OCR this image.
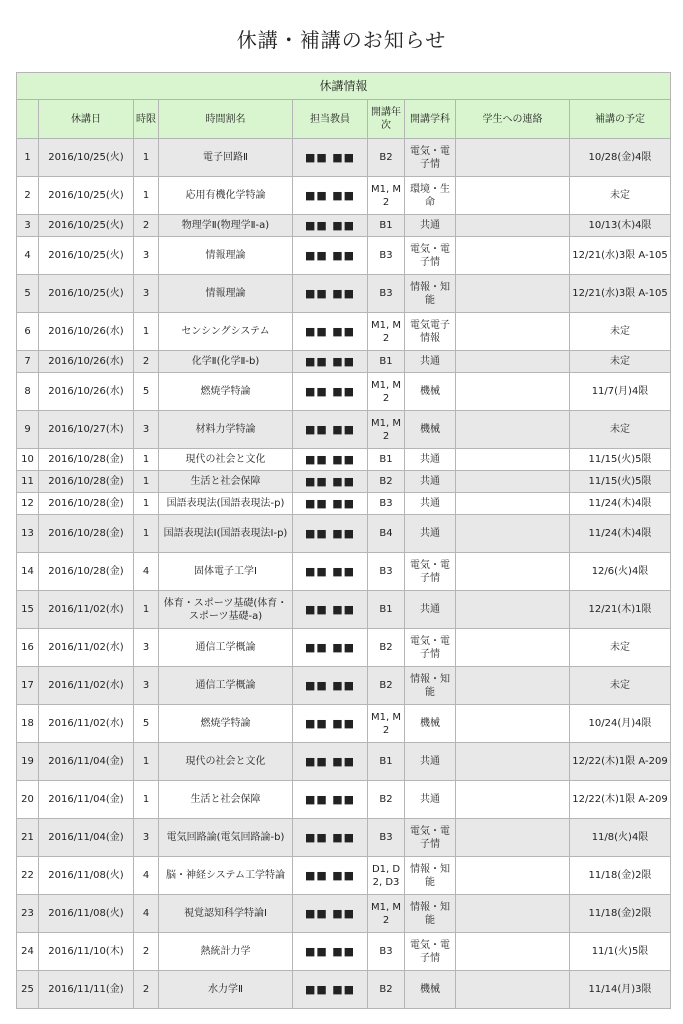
休講・補講のお知らせ
休講情報								
	休講日	時限	時間割名	担当教員	開講年次	開講学科	学生への連絡	補講の予定
1	2016/10/25(火)	1	電子回路Ⅱ	■■ ■■	B2	電気・電子情		10/28(金)4限
2	2016/10/25(火)	1	応用有機化学特論	■■ ■■	M1, M2	環境・生命		未定
3	2016/10/25(火)	2	物理学Ⅱ(物理学Ⅱ-a)	■■ ■■	B1	共通		10/13(木)4限
4	2016/10/25(火)	3	情報理論	■■ ■■	B3	電気・電子情		12/21(水)3限 A-105
5	2016/10/25(火)	3	情報理論	■■ ■■	B3	情報・知能		12/21(水)3限 A-105
6	2016/10/26(水)	1	センシングシステム	■■ ■■	M1, M2	電気電子情報		未定
7	2016/10/26(水)	2	化学Ⅱ(化学Ⅱ-b)	■■ ■■	B1	共通		未定
8	2016/10/26(水)	5	燃焼学特論	■■ ■■	M1, M2	機械		11/7(月)4限
9	2016/10/27(木)	3	材料力学特論	■■ ■■	M1, M2	機械		未定
10	2016/10/28(金)	1	現代の社会と文化	■■ ■■	B1	共通		11/15(火)5限
11	2016/10/28(金)	1	生活と社会保障	■■ ■■	B2	共通		11/15(火)5限
12	2016/10/28(金)	1	国語表現法(国語表現法-p)	■■ ■■	B3	共通		11/24(木)4限
13	2016/10/28(金)	1	国語表現法Ⅰ(国語表現法Ⅰ-p)	■■ ■■	B4	共通		11/24(木)4限
14	2016/10/28(金)	4	固体電子工学Ⅰ	■■ ■■	B3	電気・電子情		12/6(火)4限
15	2016/11/02(水)	1	体育・スポーツ基礎(体育・スポーツ基礎-a)	■■ ■■	B1	共通		12/21(木)1限
16	2016/11/02(水)	3	通信工学概論	■■ ■■	B2	電気・電子情		未定
17	2016/11/02(水)	3	通信工学概論	■■ ■■	B2	情報・知能		未定
18	2016/11/02(水)	5	燃焼学特論	■■ ■■	M1, M2	機械		10/24(月)4限
19	2016/11/04(金)	1	現代の社会と文化	■■ ■■	B1	共通		12/22(木)1限 A-209
20	2016/11/04(金)	1	生活と社会保障	■■ ■■	B2	共通		12/22(木)1限 A-209
21	2016/11/04(金)	3	電気回路論(電気回路論-b)	■■ ■■	B3	電気・電子情		11/8(火)4限
22	2016/11/08(火)	4	脳・神経システム工学特論	■■ ■■	D1, D2, D3	情報・知能		11/18(金)2限
23	2016/11/08(火)	4	視覚認知科学特論Ⅰ	■■ ■■	M1, M2	情報・知能		11/18(金)2限
24	2016/11/10(木)	2	熱統計力学	■■ ■■	B3	電気・電子情		11/1(火)5限
25	2016/11/11(金)	2	水力学Ⅱ	■■ ■■	B2	機械		11/14(月)3限
